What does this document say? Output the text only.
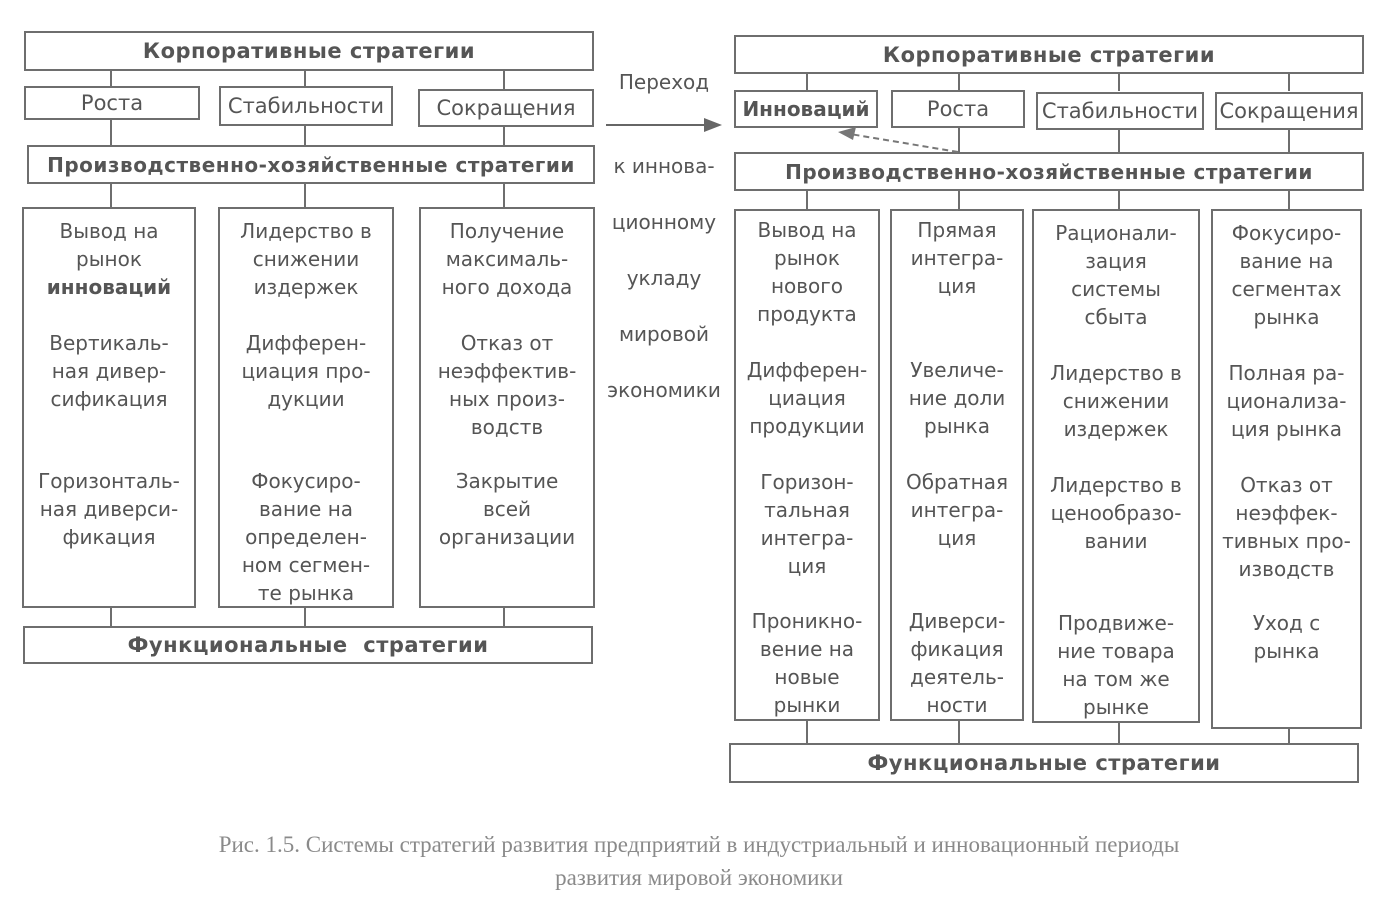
Корпоративные стратегии
Роста	Стабильности	Сокращения
Производственно-хозяйственные стратегии

Вывод на
рынок
инноваций

Вертикаль-
ная дивер-
сификация

Горизонталь-
ная диверси-
фикация

Лидерство в
снижении
издержек

Дифферен-
циация про-
дукции

Фокусиро-
вание на
определен-
ном сегмен-
те рынка

Получение
максималь-
ного дохода

Отказ от
неэффектив-
ных произ-
водств

Закрытие
всей
организации

Функциональные  стратегии
Переход
к иннова-
ционному
укладу
мировой
экономики
Корпоративные стратегии
Инноваций	Роста	Стабильности Сокращения
Производственно-хозяйственные стратегии

Вывод на
рынок
нового
продукта

Дифферен-
циация
продукции

Горизон-
тальная
интегра-
ция

Проникно-
вение на
новые
рынки

Прямая
интегра-
ция

Увеличе-
ние доли
рынка

Обратная
интегра-
ция

Диверси-
фикация
деятель-
ности

Рационали-
зация
системы
сбыта

Лидерство в
снижении
издержек

Лидерство в
ценообразо-
вании

Продвиже-
ние товара
на том же
рынке

Фокусиро-
вание на
сегментах
рынка

Полная ра-
ционализа-
ция рынка

Отказ от
неэффек-
тивных про-
изводств

Уход с
рынка

Функциональные стратегии
Рис. 1.5. Системы стратегий развития предприятий в индустриальный и инновационный периоды
развития мировой экономики
